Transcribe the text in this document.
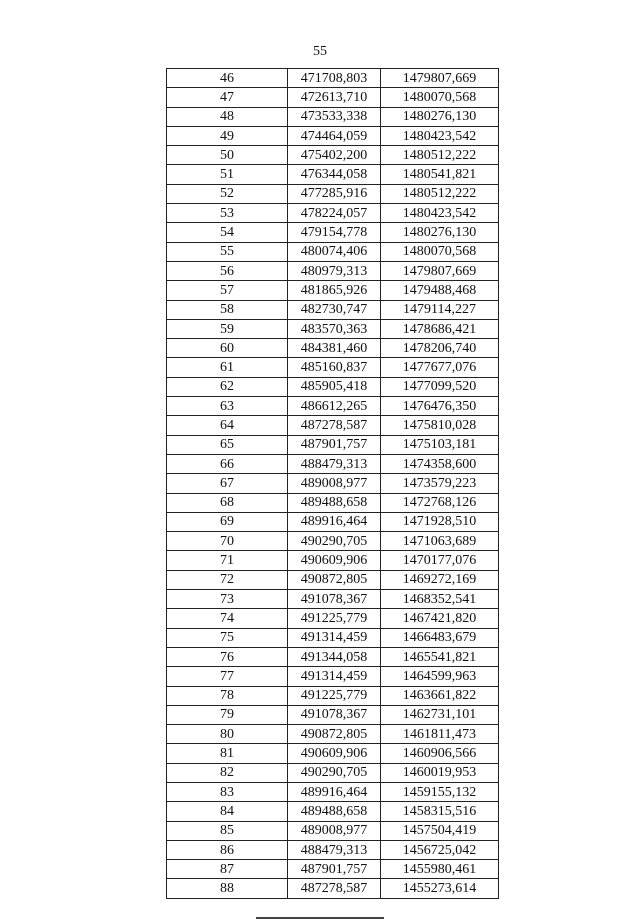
55
46	471708,803	1479807,669
47	472613,710	1480070,568
48	473533,338	1480276,130
49	474464,059	1480423,542
50	475402,200	1480512,222
51	476344,058	1480541,821
52	477285,916	1480512,222
53	478224,057	1480423,542
54	479154,778	1480276,130
55	480074,406	1480070,568
56	480979,313	1479807,669
57	481865,926	1479488,468
58	482730,747	1479114,227
59	483570,363	1478686,421
60	484381,460	1478206,740
61	485160,837	1477677,076
62	485905,418	1477099,520
63	486612,265	1476476,350
64	487278,587	1475810,028
65	487901,757	1475103,181
66	488479,313	1474358,600
67	489008,977	1473579,223
68	489488,658	1472768,126
69	489916,464	1471928,510
70	490290,705	1471063,689
71	490609,906	1470177,076
72	490872,805	1469272,169
73	491078,367	1468352,541
74	491225,779	1467421,820
75	491314,459	1466483,679
76	491344,058	1465541,821
77	491314,459	1464599,963
78	491225,779	1463661,822
79	491078,367	1462731,101
80	490872,805	1461811,473
81	490609,906	1460906,566
82	490290,705	1460019,953
83	489916,464	1459155,132
84	489488,658	1458315,516
85	489008,977	1457504,419
86	488479,313	1456725,042
87	487901,757	1455980,461
88	487278,587	1455273,614
